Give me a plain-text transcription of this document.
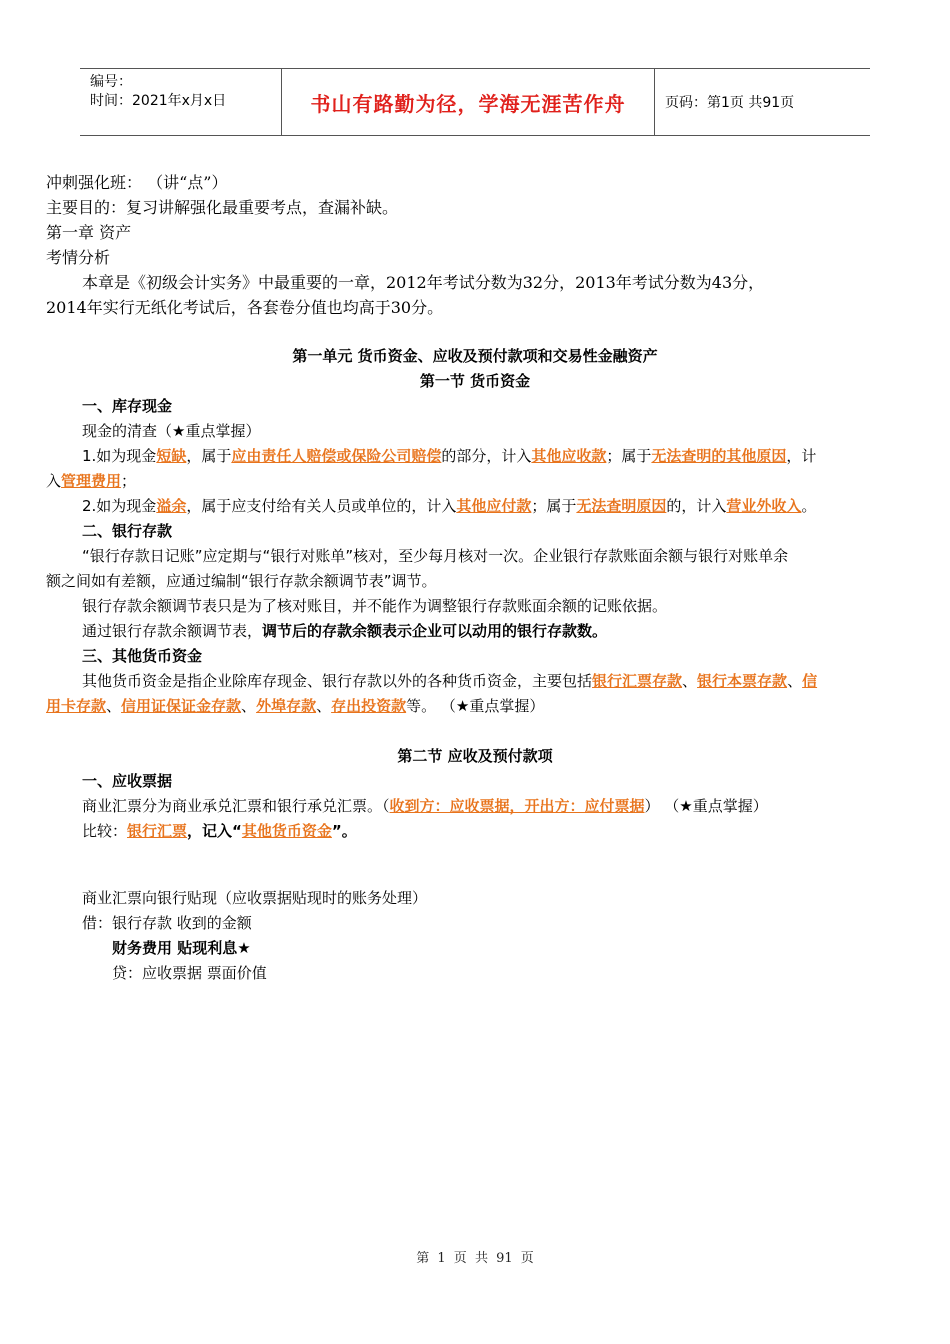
编号：
时间：2021年x月x日	书山有路勤为径，学海无涯苦作舟	页码：第1页 共91页
冲刺强化班： （讲“点”）
主要目的：复习讲解强化最重要考点，查漏补缺。
第一章 资产
考情分析
本章是《初级会计实务》中最重要的一章，2012年考试分数为32分，2013年考试分数为43分，
2014年实行无纸化考试后，各套卷分值也均高于30分。
第一单元 货币资金、应收及预付款项和交易性金融资产
第一节 货币资金
一、库存现金
现金的清查（★重点掌握）
1.如为现金短缺，属于应由责任人赔偿或保险公司赔偿的部分，计入其他应收款；属于无法查明的其他原因，计
入管理费用；
2.如为现金溢余，属于应支付给有关人员或单位的，计入其他应付款；属于无法查明原因的，计入营业外收入。
二、银行存款
“银行存款日记账”应定期与“银行对账单”核对，至少每月核对一次。企业银行存款账面余额与银行对账单余
额之间如有差额，应通过编制“银行存款余额调节表”调节。
银行存款余额调节表只是为了核对账目，并不能作为调整银行存款账面余额的记账依据。
通过银行存款余额调节表，调节后的存款余额表示企业可以动用的银行存款数。
三、其他货币资金
其他货币资金是指企业除库存现金、银行存款以外的各种货币资金，主要包括银行汇票存款、银行本票存款、信
用卡存款、信用证保证金存款、外埠存款、存出投资款等。 （★重点掌握）
第二节 应收及预付款项
一、应收票据
商业汇票分为商业承兑汇票和银行承兑汇票。（收到方：应收票据，开出方：应付票据） （★重点掌握）
比较：银行汇票，记入“其他货币资金”。
商业汇票向银行贴现（应收票据贴现时的账务处理）
借：银行存款 收到的金额
财务费用 贴现利息★
贷：应收票据 票面价值
第 1 页 共 91 页
